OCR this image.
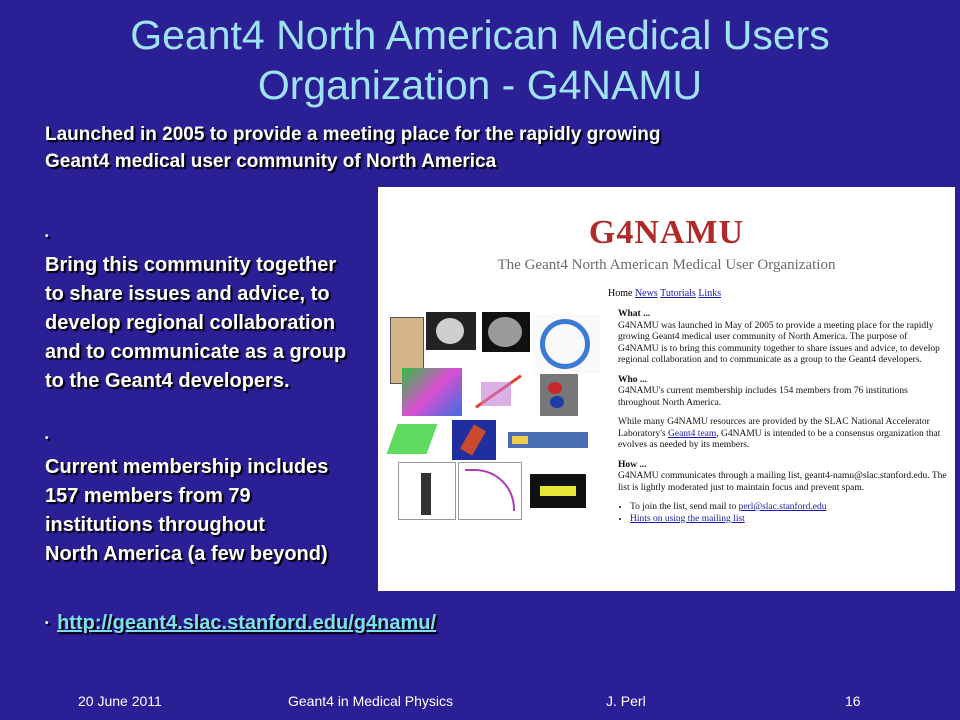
Geant4 North American Medical Users
Organization - G4NAMU
Launched in 2005 to provide a meeting place for the rapidly growing
Geant4 medical user community of North America
•
Bring this community together
to share issues and advice, to
develop regional collaboration
and to communicate as a group
to the Geant4 developers.
•
Current membership includes
157 members from 79
institutions throughout
North America (a few beyond)
• http://geant4.slac.stanford.edu/g4namu/
G4NAMU
The Geant4 North American Medical User Organization
Home News Tutorials Links

What ...
G4NAMU was launched in May of 2005 to provide a meeting place for the rapidly growing Geant4 medical user community of North America. The purpose of G4NAMU is to bring this community together to share issues and advice, to develop regional collaboration and to communicate as a group to the Geant4 developers.

Who ...
G4NAMU's current membership includes 154 members from 76 institutions throughout North America.

While many G4NAMU resources are provided by the SLAC National Accelerator Laboratory's Geant4 team, G4NAMU is intended to be a consensus organization that evolves as needed by its members.

How ...
G4NAMU communicates through a mailing list, geant4-namu@slac.stanford.edu. The list is lightly moderated just to maintain focus and prevent spam.

• To join the list, send mail to perl@slac.stanford.edu
• Hints on using the mailing list
20 June 2011	Geant4 in Medical Physics	J. Perl	16
